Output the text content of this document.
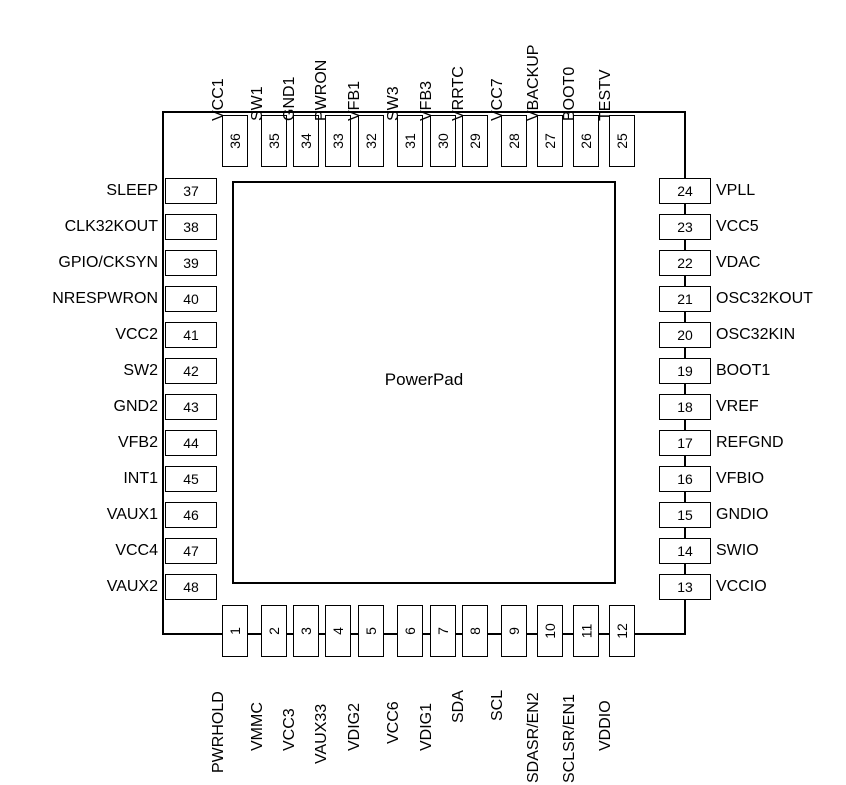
PowerPad
36
VCC1
35
SW1
34
GND1
33
PWRON
32
VFB1
31
SW3
30
VFB3
29
VRRTC
28
VCC7
27
VBACKUP
26
BOOT0
25
TESTV
37
SLEEP
38
CLK32KOUT
39
GPIO/CKSYN
40
NRESPWRON
41
VCC2
42
SW2
43
GND2
44
VFB2
45
INT1
46
VAUX1
47
VCC4
48
VAUX2
24 VPLL
23 VCC5
22 VDAC
21 OSC32KOUT
20 OSC32KIN
19 BOOT1
18 VREF
17 REFGND
16 VFBIO
15 GNDIO
14 SWIO
13 VCCIO
1
PWRHOLD
2
VMMC
3
VCC3
4
VAUX33
5
VDIG2
6
VCC6
7
VDIG1
8
SDA
9
SCL
10
SDASR/EN2
11
SCLSR/EN1
12
VDDIO
